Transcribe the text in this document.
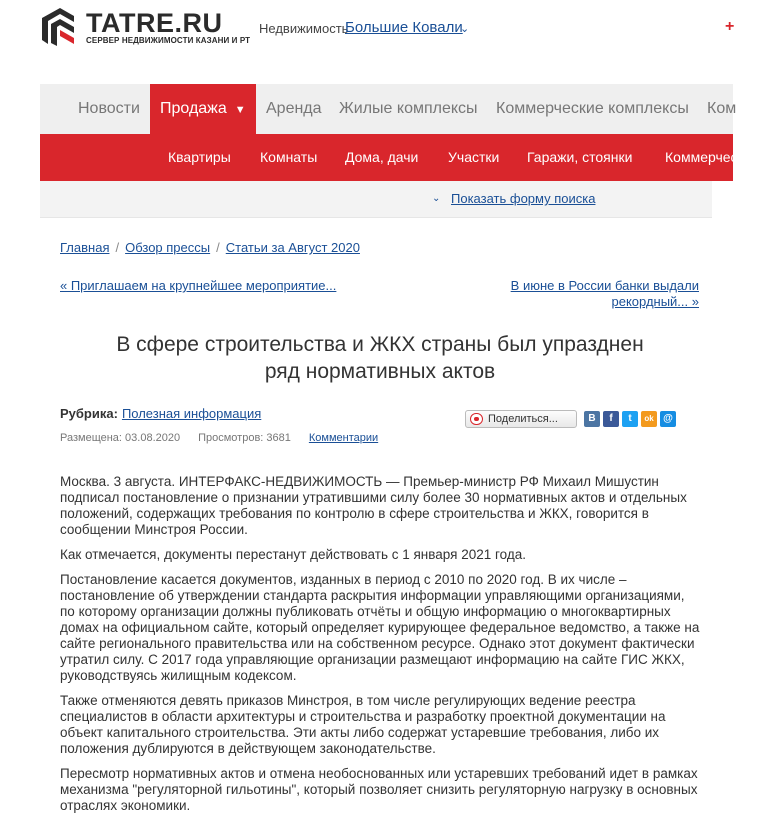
TATRE.RU
СЕРВЕР НЕДВИЖИМОСТИ КАЗАНИ И РТ
Недвижимость
Большие Ковали
⌄	+
Новости	Продажа ▼	Аренда Жилые комплексы Коммерческие комплексы Ком
Квартиры Комнаты Дома, дачи Участки Гаражи, стоянки Коммерческая
⌄ Показать форму поиска
Главная / Обзор прессы / Статьи за Август 2020
« Приглашаем на крупнейшее мероприятие...	В июне в России банки выдали
рекордный... »
В сфере строительства и ЖКХ страны был упразднен
ряд нормативных актов
Рубрика: Полезная информация
Размещена: 03.08.2020 Просмотров: 3681 Комментарии
Поделиться...	B	f	t	ok @

Москва. 3 августа. ИНТЕРФАКС-НЕДВИЖИМОСТЬ — Премьер-министр РФ Михаил Мишустин подписал постановление о признании утратившими силу более 30 нормативных актов и отдельных положений, содержащих требования по контролю в сфере строительства и ЖКХ, говорится в сообщении Минстроя России.

Как отмечается, документы перестанут действовать с 1 января 2021 года.

Постановление касается документов, изданных в период с 2010 по 2020 год. В их числе – постановление об утверждении стандарта раскрытия информации управляющими организациями, по которому организации должны публиковать отчёты и общую информацию о многоквартирных домах на официальном сайте, который определяет курирующее федеральное ведомство, а также на сайте регионального правительства или на собственном ресурсе. Однако этот документ фактически утратил силу. С 2017 года управляющие организации размещают информацию на сайте ГИС ЖКХ, руководствуясь жилищным кодексом.

Также отменяются девять приказов Минстроя, в том числе регулирующих ведение реестра специалистов в области архитектуры и строительства и разработку проектной документации на объект капитального строительства. Эти акты либо содержат устаревшие требования, либо их положения дублируются в действующем законодательстве.

Пересмотр нормативных актов и отмена необоснованных или устаревших требований идет в рамках механизма "регуляторной гильотины", который позволяет снизить регуляторную нагрузку в основных отраслях экономики.
